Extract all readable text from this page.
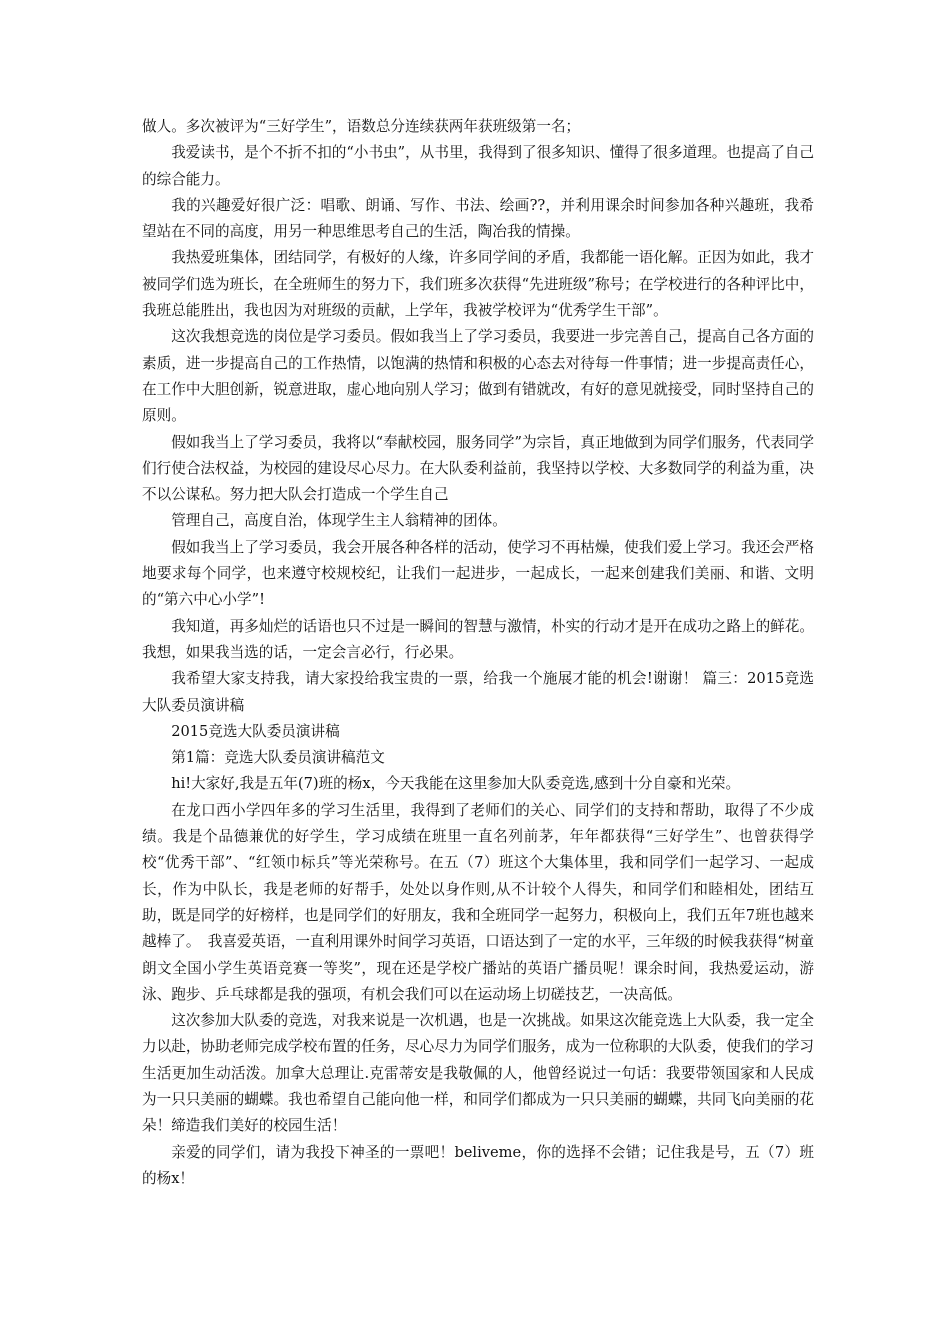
做人。多次被评为“三好学生”，语数总分连续获两年获班级第一名；

我爱读书，是个不折不扣的“小书虫”，从书里，我得到了很多知识、懂得了很多道理。也提高了自己的综合能力。

我的兴趣爱好很广泛：唱歌、朗诵、写作、书法、绘画??，并利用课余时间参加各种兴趣班，我希望站在不同的高度，用另一种思维思考自己的生活，陶冶我的情操。

我热爱班集体，团结同学，有极好的人缘，许多同学间的矛盾，我都能一语化解。正因为如此，我才被同学们选为班长，在全班师生的努力下，我们班多次获得“先进班级”称号；在学校进行的各种评比中，我班总能胜出，我也因为对班级的贡献，上学年，我被学校评为“优秀学生干部”。

这次我想竞选的岗位是学习委员。假如我当上了学习委员，我要进一步完善自己，提高自己各方面的素质，进一步提高自己的工作热情，以饱满的热情和积极的心态去对待每一件事情；进一步提高责任心，在工作中大胆创新，锐意进取，虚心地向别人学习；做到有错就改，有好的意见就接受，同时坚持自己的原则。

假如我当上了学习委员，我将以“奉献校园，服务同学”为宗旨，真正地做到为同学们服务，代表同学们行使合法权益，为校园的建设尽心尽力。在大队委利益前，我坚持以学校、大多数同学的利益为重，决不以公谋私。努力把大队会打造成一个学生自己

管理自己，高度自治，体现学生主人翁精神的团体。

假如我当上了学习委员，我会开展各种各样的活动，使学习不再枯燥，使我们爱上学习。我还会严格地要求每个同学，也来遵守校规校纪，让我们一起进步，一起成长，一起来创建我们美丽、和谐、文明的“第六中心小学”!

我知道，再多灿烂的话语也只不过是一瞬间的智慧与激情，朴实的行动才是开在成功之路上的鲜花。我想，如果我当选的话，一定会言必行，行必果。

我希望大家支持我，请大家投给我宝贵的一票，给我一个施展才能的机会!谢谢！ 篇三：2015竞选大队委员演讲稿

2015竞选大队委员演讲稿

第1篇：竞选大队委员演讲稿范文

hi!大家好,我是五年(7)班的杨x，今天我能在这里参加大队委竞选,感到十分自豪和光荣。

在龙口西小学四年多的学习生活里，我得到了老师们的关心、同学们的支持和帮助，取得了不少成绩。我是个品德兼优的好学生，学习成绩在班里一直名列前茅，年年都获得“三好学生”、也曾获得学校“优秀干部”、“红领巾标兵”等光荣称号。在五（7）班这个大集体里，我和同学们一起学习、一起成长，作为中队长，我是老师的好帮手，处处以身作则,从不计较个人得失，和同学们和睦相处，团结互助，既是同学的好榜样，也是同学们的好朋友，我和全班同学一起努力，积极向上，我们五年7班也越来越棒了。　我喜爱英语，一直利用课外时间学习英语，口语达到了一定的水平，三年级的时候我获得“树童朗文全国小学生英语竞赛一等奖”，现在还是学校广播站的英语广播员呢！课余时间，我热爱运动，游泳、跑步、乒乓球都是我的强项，有机会我们可以在运动场上切磋技艺，一决高低。

这次参加大队委的竞选，对我来说是一次机遇，也是一次挑战。如果这次能竞选上大队委，我一定全力以赴，协助老师完成学校布置的任务，尽心尽力为同学们服务，成为一位称职的大队委，使我们的学习生活更加生动活泼。加拿大总理让.克雷蒂安是我敬佩的人，他曾经说过一句话：我要带领国家和人民成为一只只美丽的蝴蝶。我也希望自己能向他一样，和同学们都成为一只只美丽的蝴蝶，共同飞向美丽的花朵！缔造我们美好的校园生活！

亲爱的同学们，请为我投下神圣的一票吧！beliveme，你的选择不会错；记住我是号，五（7）班的杨x！
